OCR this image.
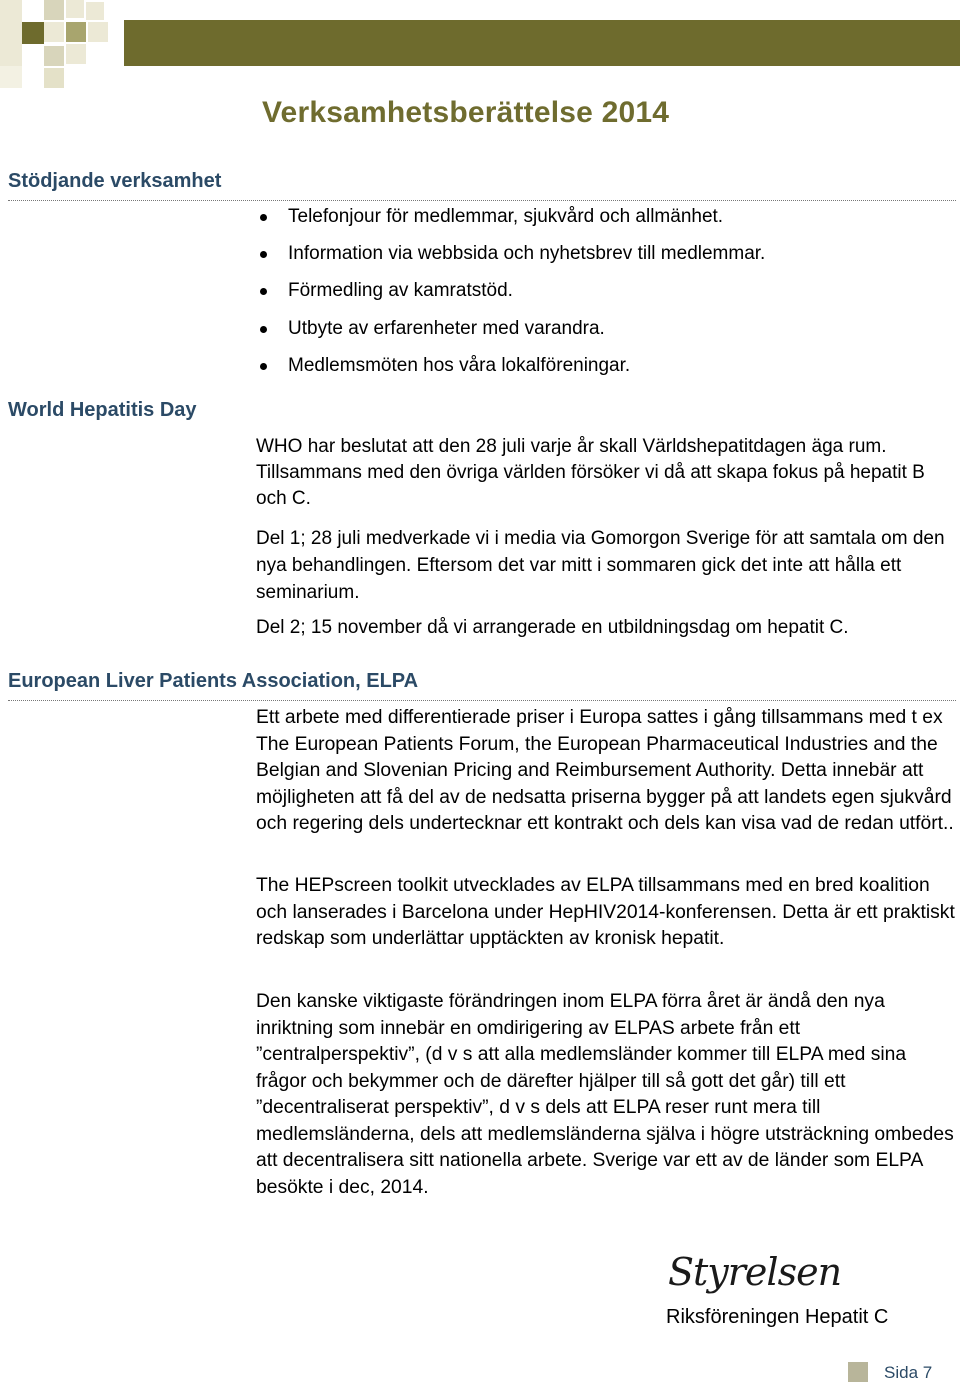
Verksamhetsberättelse 2014
Stödjande verksamhet
Telefonjour för medlemmar, sjukvård och allmänhet.
Information via webbsida och nyhetsbrev till medlemmar.
Förmedling av kamratstöd.
Utbyte av erfarenheter med varandra.
Medlemsmöten hos våra lokalföreningar.
World Hepatitis Day

WHO har beslutat att den 28 juli varje år skall Världshepatitdagen äga rum. Tillsammans med den övriga världen försöker vi då att skapa fokus på hepatit B och C.

Del 1; 28 juli medverkade vi i media via Gomorgon Sverige för att samtala om den nya behandlingen. Eftersom det var mitt i sommaren gick det inte att hålla ett seminarium.

Del 2; 15 november då vi arrangerade en utbildningsdag om hepatit C.

European Liver Patients Association, ELPA

Ett arbete med differentierade priser i Europa sattes i gång tillsammans med t ex The European Patients Forum, the European Pharmaceutical Industries and the Belgian and Slovenian Pricing and Reimbursement Authority. Detta innebär att möjligheten att få del av de nedsatta priserna bygger på att landets egen sjukvård och regering dels undertecknar ett kontrakt och dels kan visa vad de redan utfört..

The HEPscreen toolkit utvecklades av ELPA tillsammans med en bred koalition och lanserades i Barcelona under HepHIV2014-konferensen. Detta är ett praktiskt redskap som underlättar upptäckten av kronisk hepatit.

Den kanske viktigaste förändringen inom ELPA förra året är ändå den nya inriktning som innebär en omdirigering av ELPAS arbete från ett ”centralperspektiv”, (d v s att alla medlemsländer kommer till ELPA med sina frågor och bekymmer och de därefter hjälper till så gott det går) till ett ”decentraliserat perspektiv”, d v s dels att ELPA reser runt mera till medlemsländerna, dels att medlemsländerna själva i högre utsträckning ombedes att decentralisera sitt nationella arbete. Sverige var ett av de länder som ELPA besökte i dec, 2014.

Styrelsen

Riksföreningen Hepatit C

Sida 7
